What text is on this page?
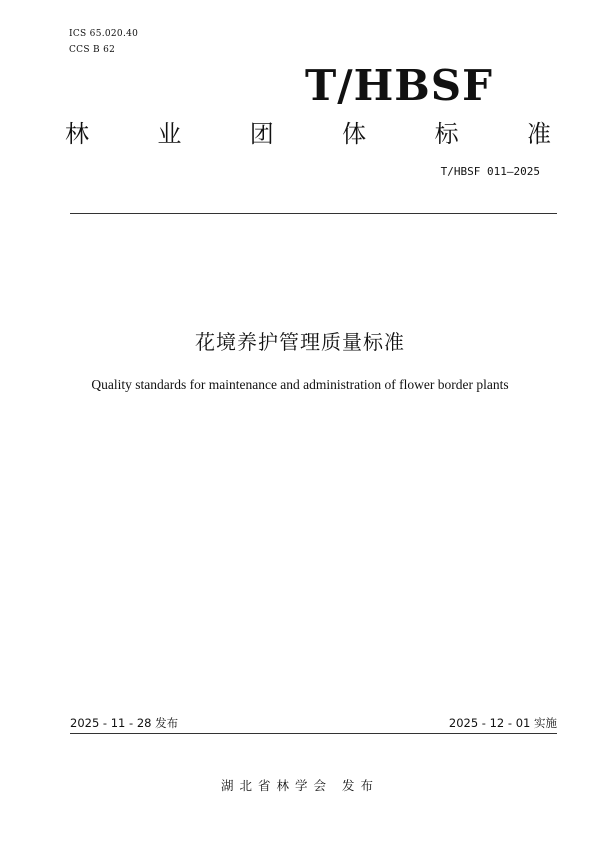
ICS 65.020.40
CCS B 62
T/HBSF
林	业	团	体	标	准
T/HBSF 011—2025
花境养护管理质量标准
Quality standards for maintenance and administration of flower border plants
2025 - 11 - 28 发布	2025 - 12 - 01 实施
湖北省林学会 发布
